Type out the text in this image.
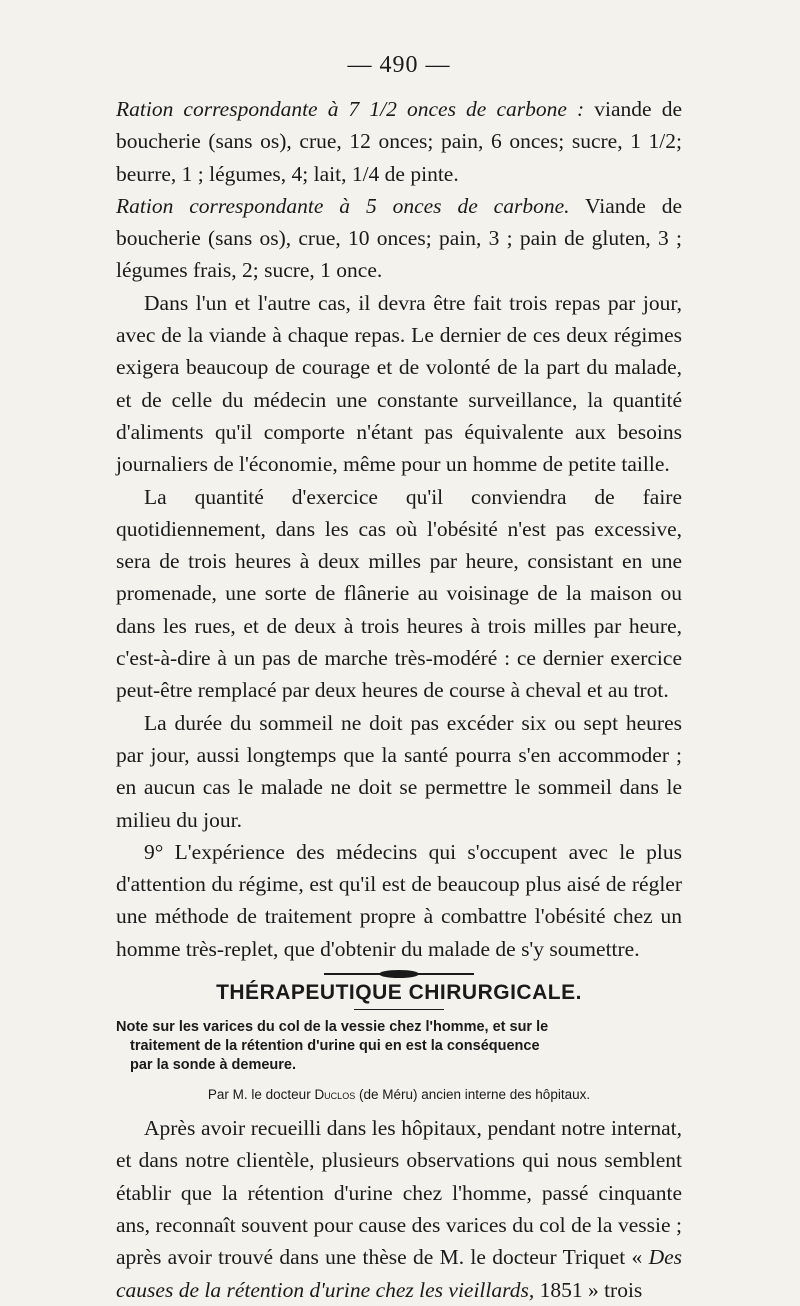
— 490 —

Ration correspondante à 7 1/2 onces de carbone : viande de boucherie (sans os), crue, 12 onces; pain, 6 onces; sucre, 1 1/2; beurre, 1 ; légumes, 4; lait, 1/4 de pinte.

Ration correspondante à 5 onces de carbone. Viande de boucherie (sans os), crue, 10 onces; pain, 3 ; pain de gluten, 3 ; légumes frais, 2; sucre, 1 once.

Dans l'un et l'autre cas, il devra être fait trois repas par jour, avec de la viande à chaque repas. Le dernier de ces deux régimes exigera beaucoup de courage et de volonté de la part du malade, et de celle du médecin une constante surveillance, la quantité d'aliments qu'il comporte n'étant pas équivalente aux besoins journaliers de l'économie, même pour un homme de petite taille.

La quantité d'exercice qu'il conviendra de faire quotidiennement, dans les cas où l'obésité n'est pas excessive, sera de trois heures à deux milles par heure, consistant en une promenade, une sorte de flânerie au voisinage de la maison ou dans les rues, et de deux à trois heures à trois milles par heure, c'est-à-dire à un pas de marche très-modéré : ce dernier exercice peut-être remplacé par deux heures de course à cheval et au trot.

La durée du sommeil ne doit pas excéder six ou sept heures par jour, aussi longtemps que la santé pourra s'en accommoder ; en aucun cas le malade ne doit se permettre le sommeil dans le milieu du jour.

9° L'expérience des médecins qui s'occupent avec le plus d'attention du régime, est qu'il est de beaucoup plus aisé de régler une méthode de traitement propre à combattre l'obésité chez un homme très-replet, que d'obtenir du malade de s'y soumettre.

THÉRAPEUTIQUE CHIRURGICALE.

Note sur les varices du col de la vessie chez l'homme, et sur le
traitement de la rétention d'urine qui en est la conséquence
par la sonde à demeure.

Par M. le docteur Duclos (de Méru) ancien interne des hôpitaux.

Après avoir recueilli dans les hôpitaux, pendant notre internat, et dans notre clientèle, plusieurs observations qui nous semblent établir que la rétention d'urine chez l'homme, passé cinquante ans, reconnaît souvent pour cause des varices du col de la vessie ; après avoir trouvé dans une thèse de M. le docteur Triquet « Des causes de la rétention d'urine chez les vieillards, 1851 » trois
